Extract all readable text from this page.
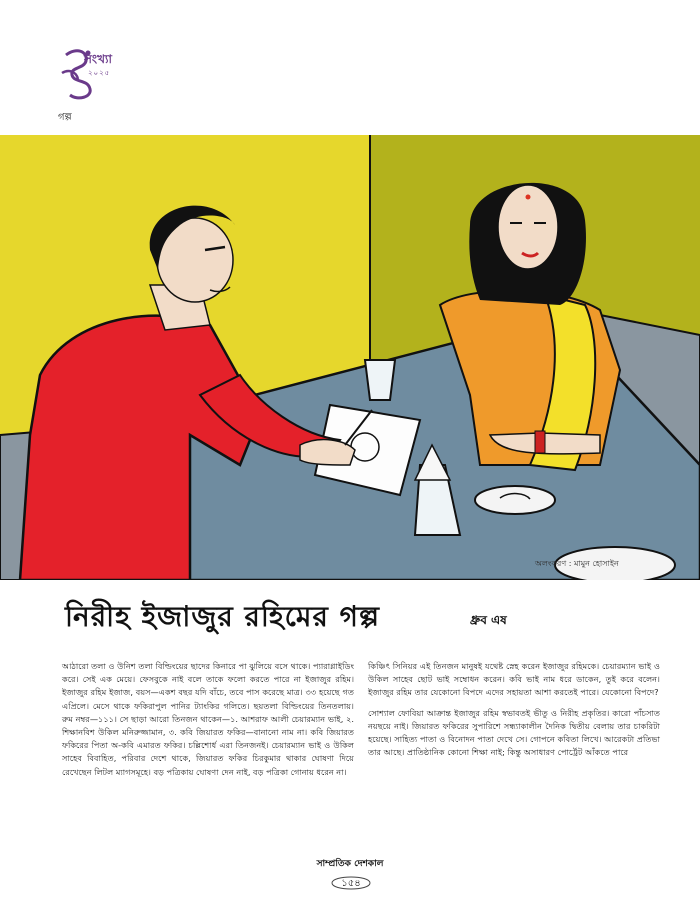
সংখ্যা
২০২৫
গল্প
অলংকরণ : মামুন হোসাইন
নিরীহ ইজাজুর রহিমের গল্প	ধ্রুব এষ

আঠারো তলা ও উনিশ তলা বিল্ডিংয়ের ছাদের কিনারে পা ঝুলিয়ে বসে থাকে। প্যারাগ্লাইডিং করে। সেই এক মেয়ে। ফেসবুকে নাই বলে তাকে ফলো করতে পারে না ইজাজুর রহিম। ইজাজুর রহিম ইজাজ, বয়স—একশ বছর যদি বাঁচে, তবে পাস করেছে মাত্র। ৩৩ হয়েছে গত এপ্রিলে। মেসে থাকে ফকিরাপুল পানির ট্যাংকির গলিতে। ছয়তলা বিল্ডিংয়ের তিনতলায়। রুম নম্বর—১১১। সে ছাড়া আরো তিনজন থাকেন—১. আশরাফ আলী চেয়ারম্যান ভাই, ২. শিক্ষানবিশ উকিল মনিরুজ্জামান, ৩. কবি জিয়ারত ফকির—বানানো নাম না। কবি জিয়ারত ফকিরের পিতা অ-কবি এমারত ফকির। চল্লিশোর্ধ এরা তিনজনই। চেয়ারম্যান ভাই ও উকিল সাহেব বিবাহিত, পরিবার দেশে থাকে, জিয়ারত ফকির চিরকুমার থাকার ঘোষণা দিয়ে রেখেছেন লিটল ম্যাগসমূহে। বড় পত্রিকায় ঘোষণা দেন নাই, বড় পত্রিকা গোনায় ধরেন না।

কিঞ্চিৎ সিনিয়র এই তিনজন মানুষই যথেষ্ট স্নেহ করেন ইজাজুর রহিমকে। চেয়ারম্যান ভাই ও উকিল সাহেব ছোট ভাই সম্বোধন করেন। কবি ভাই নাম ধরে ডাকেন, তুই করে বলেন। ইজাজুর রহিম তার যেকোনো বিপদে এদের সহায়তা আশা করতেই পারে। যেকোনো বিপদে?

সোশ্যাল ফোবিয়া আক্রান্ত ইজাজুর রহিম স্বভাবতই ভীতু ও নিরীহ প্রকৃতির। কারো পাঁচসাত নয়ছয়ে নাই। জিয়ারত ফকিরের সুপারিশে সন্ধ্যাকালীন দৈনিক দ্বিতীয় বেলায় তার চাকরিটা হয়েছে। সাহিত্য পাতা ও বিনোদন পাতা দেখে সে। গোপনে কবিতা লিখে। আরেকটা প্রতিভা তার আছে। প্রাতিষ্ঠানিক কোনো শিক্ষা নাই; কিন্তু অসাধারণ পোর্ট্রেট আঁকতে পারে

সাম্প্রতিক দেশকাল
১৫৪
